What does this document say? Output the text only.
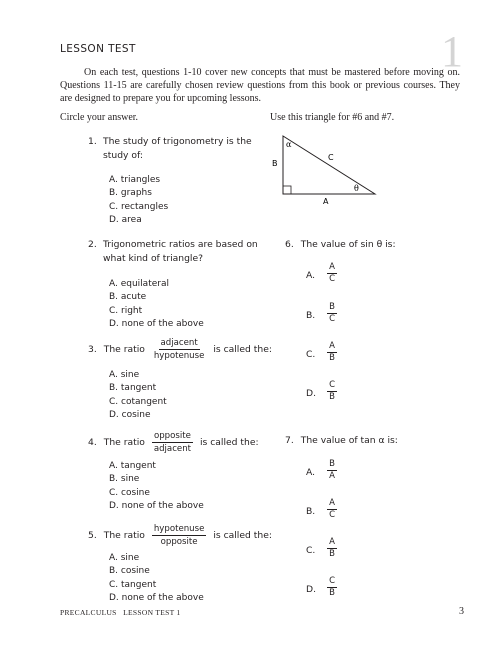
LESSON TEST	1
On each test, questions 1-10 cover new concepts that must be mastered before moving on. Questions 11-15 are carefully chosen review questions from this book or previous courses. They are designed to prepare you for upcoming lessons.
Circle your answer.	Use this triangle for #6 and #7.
α
θ
A
B
C
1. The study of trigonometry is the
study of:
A. triangles
B. graphs
C. rectangles
D. area
2. Trigonometric ratios are based on
what kind of triangle?
A. equilateral
B. acute
C. right
D. none of the above
3. The ratio $\frac{\text{adjacent}}{\text{hypotenuse}}$ is called the:
A. sine
B. tangent
C. cotangent
D. cosine
4. The ratio $\frac{\text{opposite}}{\text{adjacent}}$ is called the:
A. tangent
B. sine
C. cosine
D. none of the above
5. The ratio $\frac{\text{hypotenuse}}{\text{opposite}}$ is called the:
A. sine
B. cosine
C. tangent
D. none of the above
6. The value of sin θ is:
A. $\frac{A}{C}$
B. $\frac{B}{C}$
C. $\frac{A}{B}$
D. $\frac{C}{B}$
7. The value of tan α is:
A. $\frac{B}{A}$
B. $\frac{A}{C}$
C. $\frac{A}{B}$
D. $\frac{C}{B}$
PRECALCULUS   LESSON TEST 1	3
